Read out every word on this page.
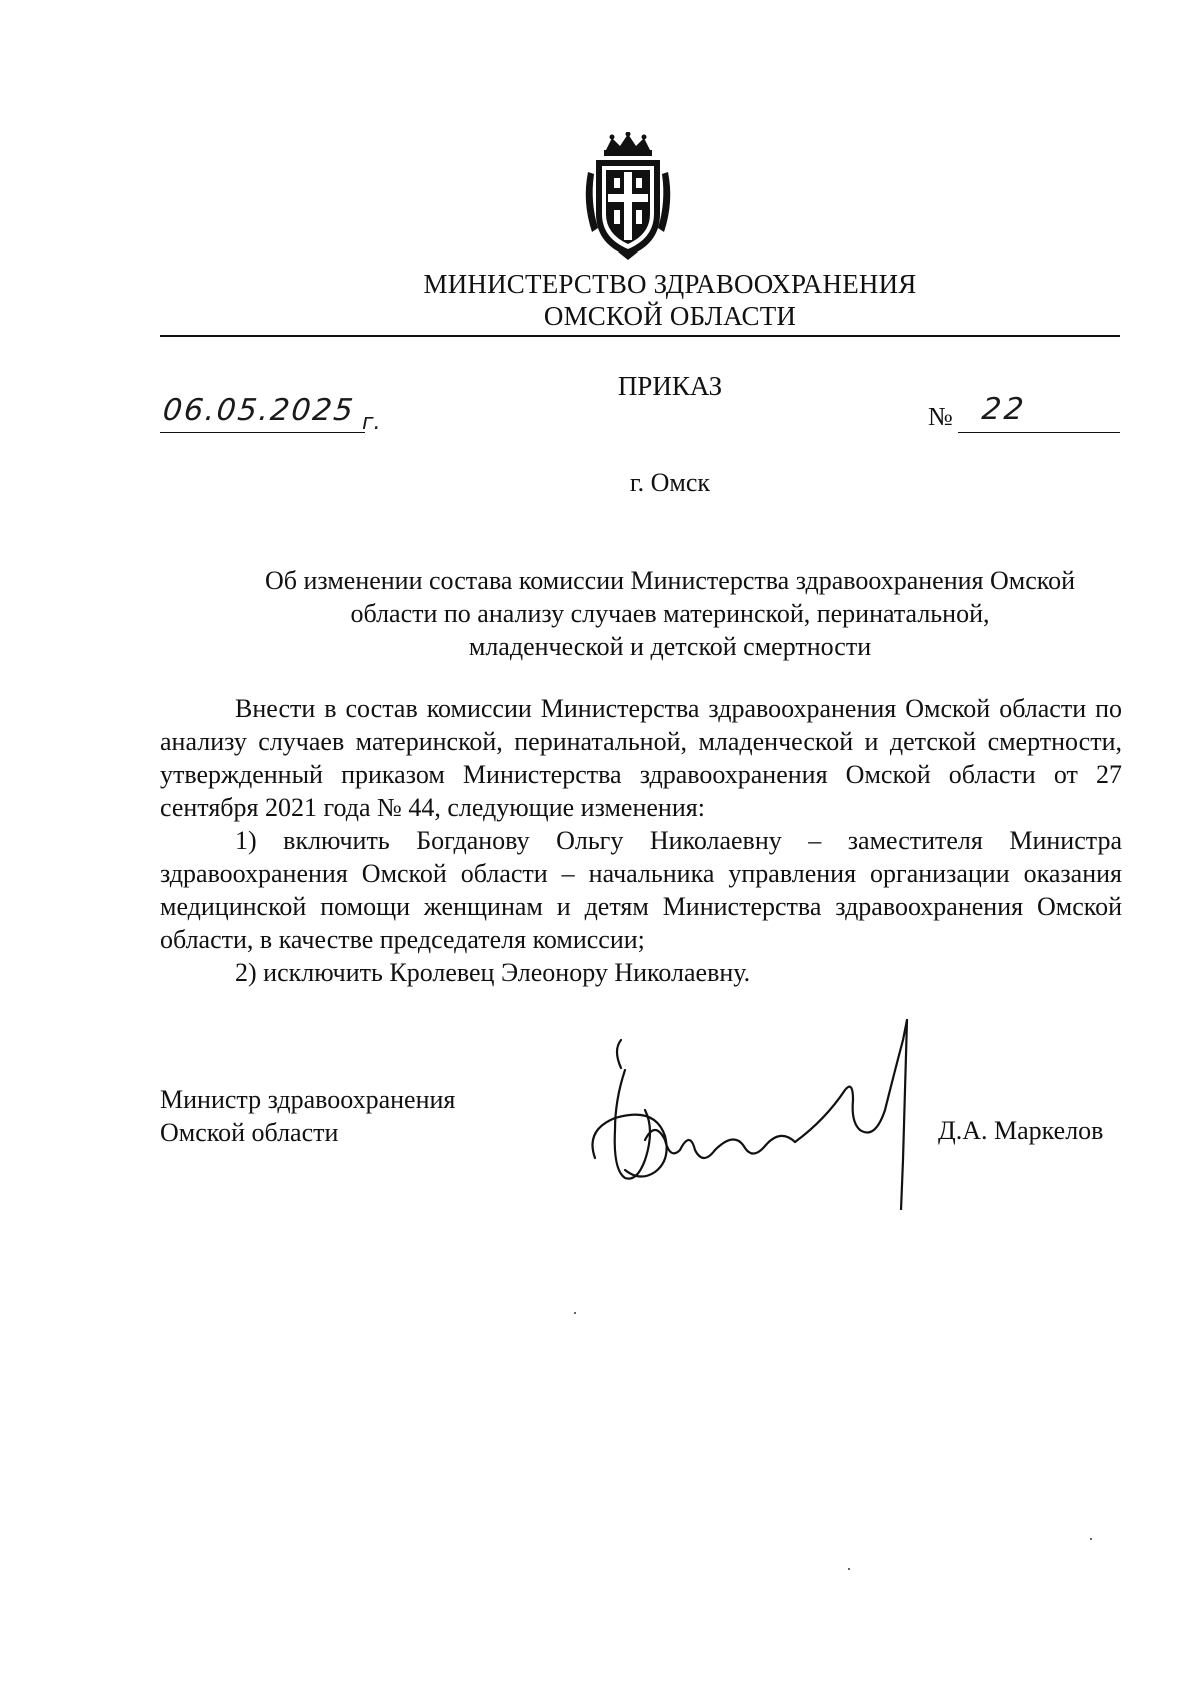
МИНИСТЕРСТВО ЗДРАВООХРАНЕНИЯ
ОМСКОЙ ОБЛАСТИ
ПРИКАЗ
06.05.2025 г.	№ 22
г. Омск
Об изменении состава комиссии Министерства здравоохранения Омской
области по анализу случаев материнской, перинатальной,
младенческой и детской смертности

Внести в состав комиссии Министерства здравоохранения Омской области по анализу случаев материнской, перинатальной, младенческой и детской смертности, утвержденный приказом Министерства здравоохранения Омской области от 27 сентября 2021 года № 44, следующие изменения:

1) включить Богданову Ольгу Николаевну – заместителя Министра здравоохранения Омской области – начальника управления организации оказания медицинской помощи женщинам и детям Министерства здравоохранения Омской области, в качестве председателя комиссии;

2) исключить Кролевец Элеонору Николаевну.

Министр здравоохранения
Омской области	Д.А. Маркелов
